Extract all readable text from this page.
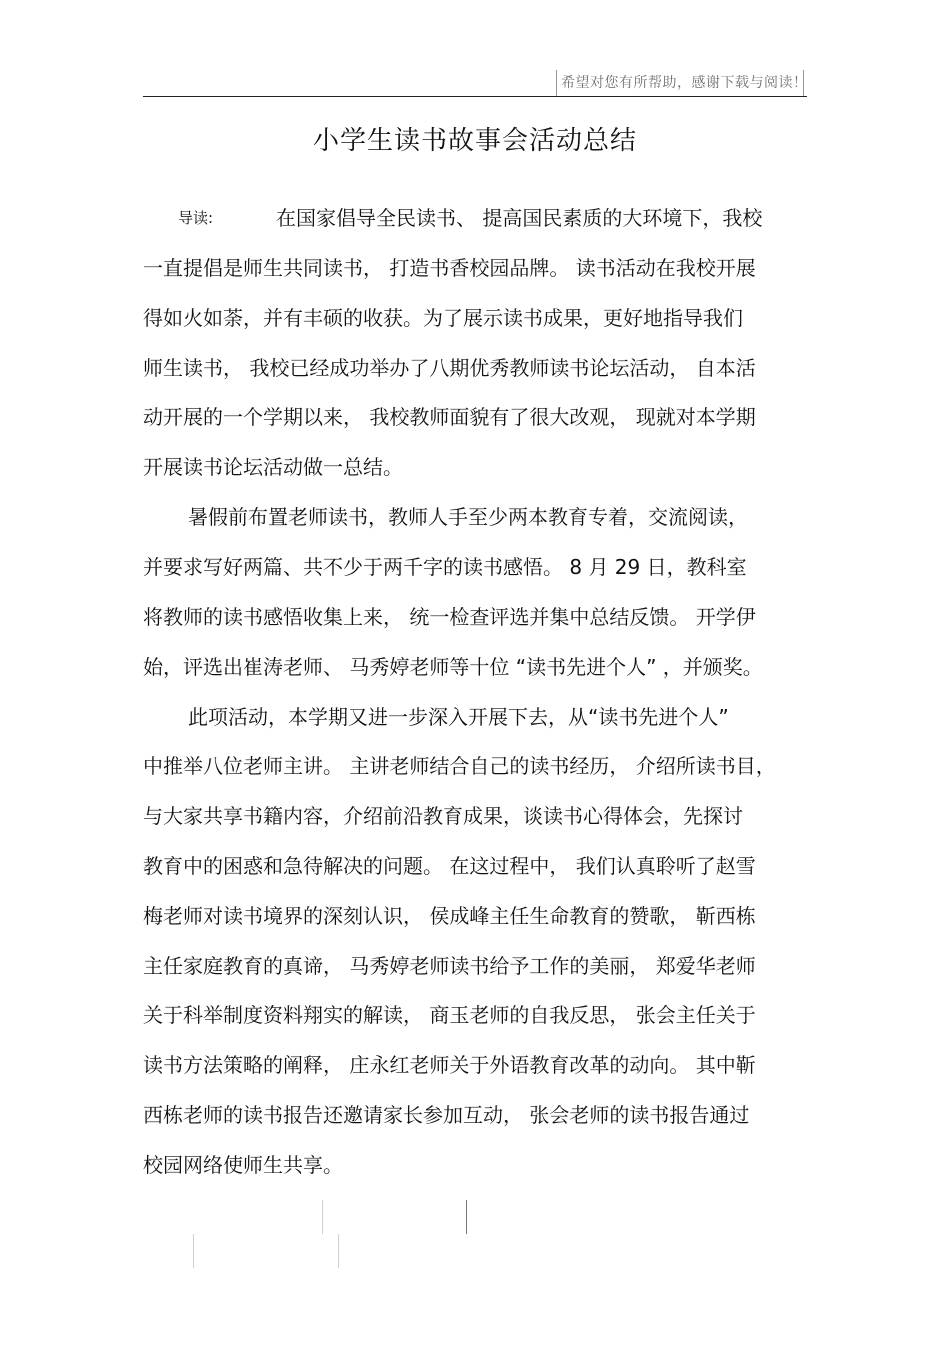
希望对您有所帮助，感谢下载与阅读！
小学生读书故事会活动总结
导读:	在国家倡导全民读书、 提高国民素质的大环境下，我校
一直提倡是师生共同读书， 打造书香校园品牌。 读书活动在我校开展
得如火如荼，并有丰硕的收获。为了展示读书成果，更好地指导我们
师生读书， 我校已经成功举办了八期优秀教师读书论坛活动， 自本活
动开展的一个学期以来， 我校教师面貌有了很大改观， 现就对本学期
开展读书论坛活动做一总结。
暑假前布置老师读书，教师人手至少两本教育专着，交流阅读，
并要求写好两篇、共不少于两千字的读书感悟。 8 月 29 日，教科室
将教师的读书感悟收集上来， 统一检查评选并集中总结反馈。 开学伊
始，评选出崔涛老师、 马秀婷老师等十位 “读书先进个人” ，并颁奖。
此项活动，本学期又进一步深入开展下去，从“读书先进个人”
中推举八位老师主讲。 主讲老师结合自己的读书经历， 介绍所读书目，
与大家共享书籍内容，介绍前沿教育成果，谈读书心得体会，先探讨
教育中的困惑和急待解决的问题。 在这过程中， 我们认真聆听了赵雪
梅老师对读书境界的深刻认识， 侯成峰主任生命教育的赞歌， 靳西栋
主任家庭教育的真谛， 马秀婷老师读书给予工作的美丽， 郑爱华老师
关于科举制度资料翔实的解读， 商玉老师的自我反思， 张会主任关于
读书方法策略的阐释， 庄永红老师关于外语教育改革的动向。 其中靳
西栋老师的读书报告还邀请家长参加互动， 张会老师的读书报告通过
校园网络使师生共享。
